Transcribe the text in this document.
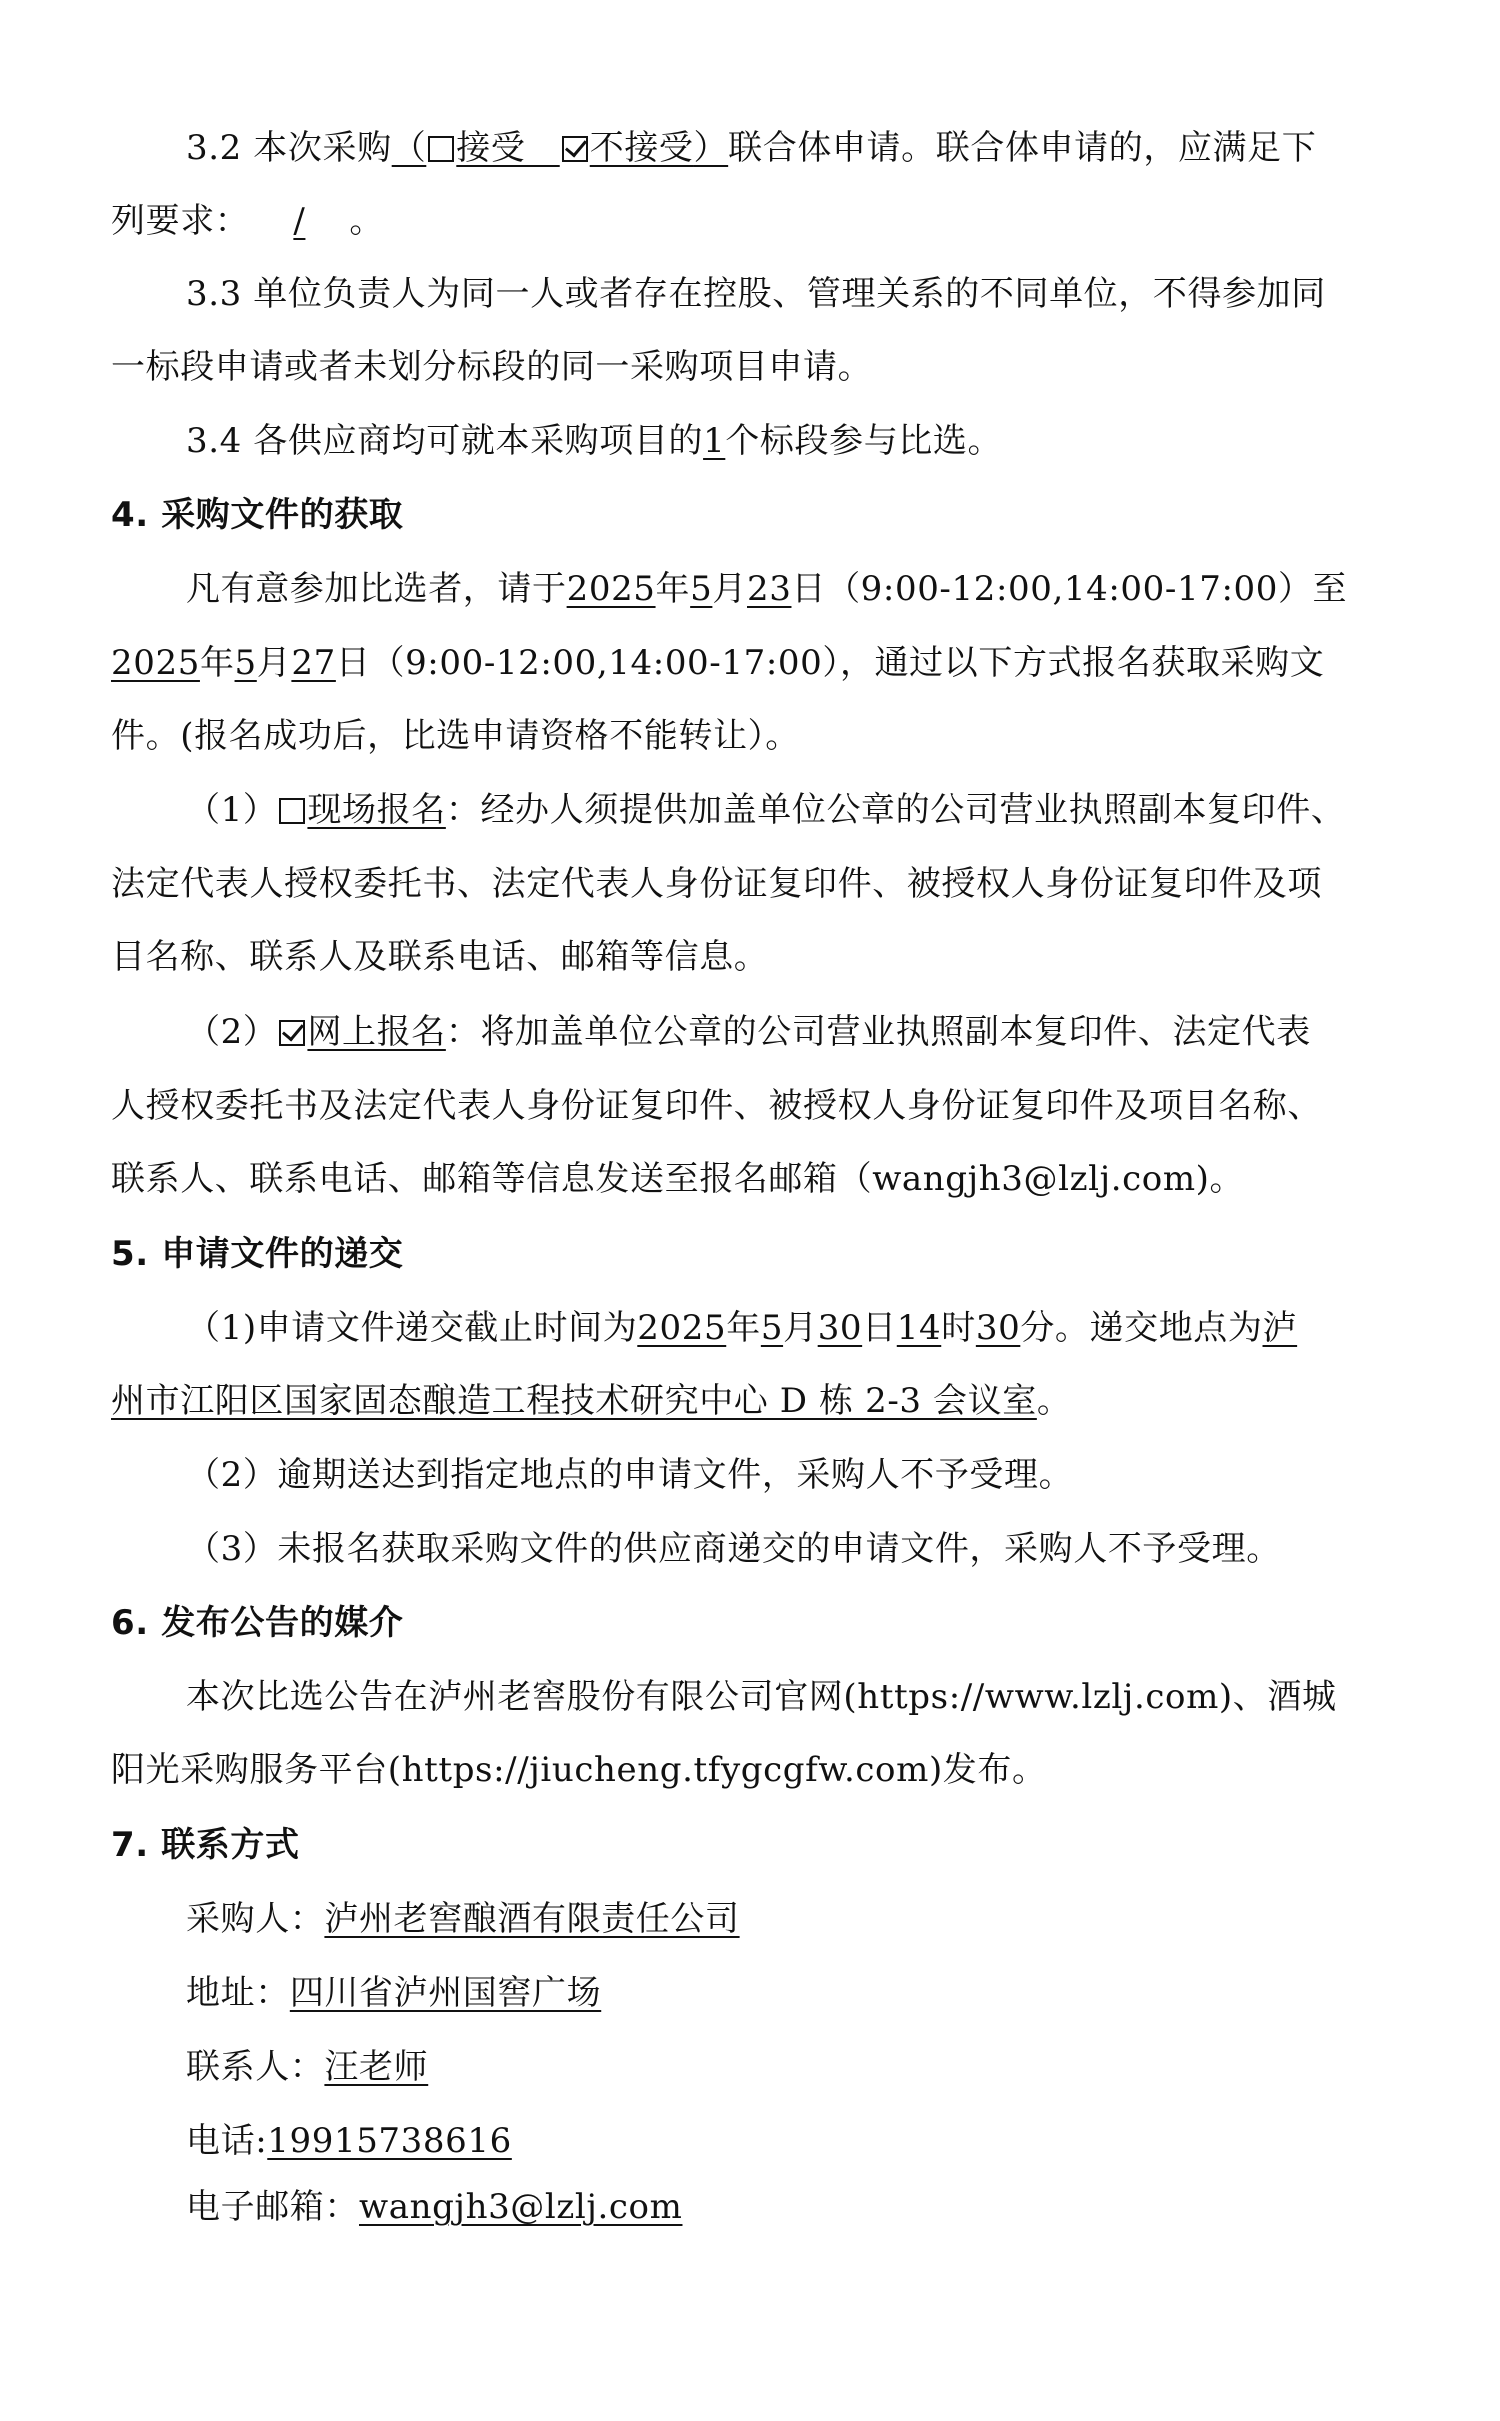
3.2 本次采购（ 接受 不接受）联合体申请。联合体申请的，应满足下
列要求： / 。
3.3 单位负责人为同一人或者存在控股、管理关系的不同单位，不得参加同
一标段申请或者未划分标段的同一采购项目申请。
3.4 各供应商均可就本采购项目的1个标段参与比选。
4. 采购文件的获取
凡有意参加比选者，请于2025年5月23日（9:00-12:00,14:00-17:00）至
2025年5月27日（9:00-12:00,14:00-17:00），通过以下方式报名获取采购文
件。(报名成功后，比选申请资格不能转让）。
（1） 现场报名：经办人须提供加盖单位公章的公司营业执照副本复印件、
法定代表人授权委托书、法定代表人身份证复印件、被授权人身份证复印件及项
目名称、联系人及联系电话、邮箱等信息。
（2） 网上报名：将加盖单位公章的公司营业执照副本复印件、法定代表
人授权委托书及法定代表人身份证复印件、被授权人身份证复印件及项目名称、
联系人、联系电话、邮箱等信息发送至报名邮箱（wangjh3@lzlj.com)。
5. 申请文件的递交
（1)申请文件递交截止时间为2025年5月30日14时30分。递交地点为泸
州市江阳区国家固态酿造工程技术研究中心 D 栋 2-3 会议室。
（2）逾期送达到指定地点的申请文件，采购人不予受理。
（3）未报名获取采购文件的供应商递交的申请文件，采购人不予受理。
6. 发布公告的媒介
本次比选公告在泸州老窖股份有限公司官网(https://www.lzlj.com)、酒城
阳光采购服务平台(https://jiucheng.tfygcgfw.com)发布。
7. 联系方式
采购人：泸州老窖酿酒有限责任公司
地址：四川省泸州国窖广场
联系人：汪老师
电话:19915738616
电子邮箱：wangjh3@lzlj.com
